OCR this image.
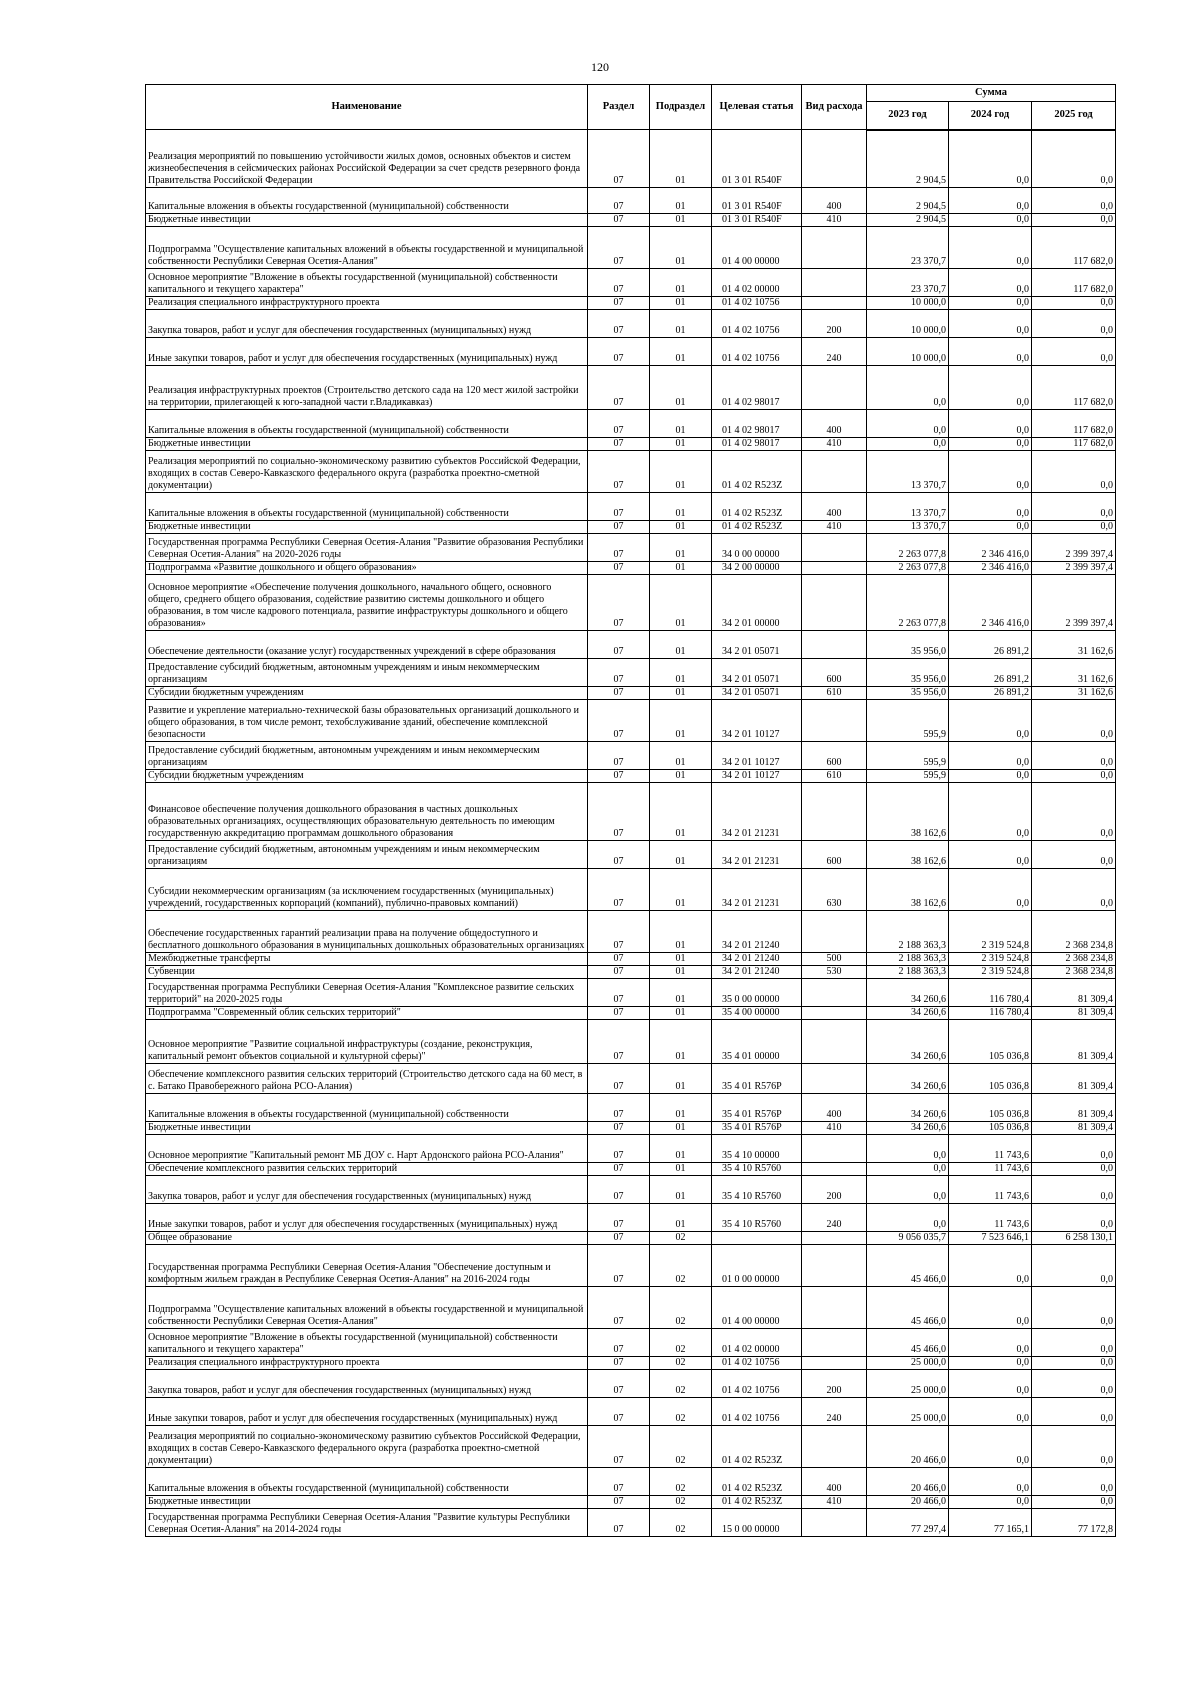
120
Наименование	Раздел	Подраздел	Целевая статья	Вид расхода	Сумма		
					2023 год	2024 год	2025 год
Реализация мероприятий по повышению устойчивости жилых домов, основных объектов и систем жизнеобеспечения в сейсмических районах Российской Федерации за счет средств резервного фонда Правительства Российской Федерации	07	01	01 3 01 R540F		2 904,5	0,0	0,0
Капитальные вложения в объекты государственной (муниципальной) собственности	07	01	01 3 01 R540F	400	2 904,5	0,0	0,0
Бюджетные инвестиции	07	01	01 3 01 R540F	410	2 904,5	0,0	0,0
Подпрограмма "Осуществление капитальных вложений в объекты государственной и муниципальной собственности Республики Северная Осетия-Алания"	07	01	01 4 00 00000		23 370,7	0,0	117 682,0
Основное мероприятие "Вложение в объекты государственной (муниципальной) собственности капитального и текущего характера"	07	01	01 4 02 00000		23 370,7	0,0	117 682,0
Реализация специального инфраструктурного проекта	07	01	01 4 02 10756		10 000,0	0,0	0,0
Закупка товаров, работ и услуг для обеспечения государственных (муниципальных) нужд	07	01	01 4 02 10756	200	10 000,0	0,0	0,0
Иные закупки товаров, работ и услуг для обеспечения государственных (муниципальных) нужд	07	01	01 4 02 10756	240	10 000,0	0,0	0,0
Реализация инфраструктурных проектов (Строительство детского сада на 120 мест жилой застройки на территории, прилегающей к юго-западной части г.Владикавказ)	07	01	01 4 02 98017		0,0	0,0	117 682,0
Капитальные вложения в объекты государственной (муниципальной) собственности	07	01	01 4 02 98017	400	0,0	0,0	117 682,0
Бюджетные инвестиции	07	01	01 4 02 98017	410	0,0	0,0	117 682,0
Реализация мероприятий по социально-экономическому развитию субъектов Российской Федерации, входящих в состав Северо-Кавказского федерального округа (разработка проектно-сметной документации)	07	01	01 4 02 R523Z		13 370,7	0,0	0,0
Капитальные вложения в объекты государственной (муниципальной) собственности	07	01	01 4 02 R523Z	400	13 370,7	0,0	0,0
Бюджетные инвестиции	07	01	01 4 02 R523Z	410	13 370,7	0,0	0,0
Государственная программа Республики Северная Осетия-Алания "Развитие образования Республики Северная Осетия-Алания" на 2020-2026 годы	07	01	34 0 00 00000		2 263 077,8	2 346 416,0	2 399 397,4
Подпрограмма «Развитие дошкольного и общего образования»	07	01	34 2 00 00000		2 263 077,8	2 346 416,0	2 399 397,4
Основное мероприятие «Обеспечение получения дошкольного, начального общего, основного общего, среднего общего образования, содействие развитию системы дошкольного и общего образования, в том числе кадрового потенциала, развитие инфраструктуры дошкольного и общего образования»	07	01	34 2 01 00000		2 263 077,8	2 346 416,0	2 399 397,4
Обеспечение деятельности (оказание услуг) государственных учреждений в сфере образования	07	01	34 2 01 05071		35 956,0	26 891,2	31 162,6
Предоставление субсидий бюджетным, автономным учреждениям и иным некоммерческим организациям	07	01	34 2 01 05071	600	35 956,0	26 891,2	31 162,6
Субсидии бюджетным учреждениям	07	01	34 2 01 05071	610	35 956,0	26 891,2	31 162,6
Развитие и укрепление материально-технической базы образовательных организаций дошкольного и общего образования, в том числе ремонт, техобслуживание зданий, обеспечение комплексной безопасности	07	01	34 2 01 10127		595,9	0,0	0,0
Предоставление субсидий бюджетным, автономным учреждениям и иным некоммерческим организациям	07	01	34 2 01 10127	600	595,9	0,0	0,0
Субсидии бюджетным учреждениям	07	01	34 2 01 10127	610	595,9	0,0	0,0
Финансовое обеспечение получения дошкольного образования в частных дошкольных образовательных организациях, осуществляющих образовательную деятельность по имеющим государственную аккредитацию программам дошкольного образования	07	01	34 2 01 21231		38 162,6	0,0	0,0
Предоставление субсидий бюджетным, автономным учреждениям и иным некоммерческим организациям	07	01	34 2 01 21231	600	38 162,6	0,0	0,0
Субсидии некоммерческим организациям (за исключением государственных (муниципальных) учреждений, государственных корпораций (компаний), публично-правовых компаний)	07	01	34 2 01 21231	630	38 162,6	0,0	0,0
Обеспечение государственных гарантий реализации права на получение общедоступного и бесплатного дошкольного образования в муниципальных дошкольных образовательных организациях	07	01	34 2 01 21240		2 188 363,3	2 319 524,8	2 368 234,8
Межбюджетные трансферты	07	01	34 2 01 21240	500	2 188 363,3	2 319 524,8	2 368 234,8
Субвенции	07	01	34 2 01 21240	530	2 188 363,3	2 319 524,8	2 368 234,8
Государственная программа Республики Северная Осетия-Алания "Комплексное развитие сельских территорий" на 2020-2025 годы	07	01	35 0 00 00000		34 260,6	116 780,4	81 309,4
Подпрограмма "Современный облик сельских территорий"	07	01	35 4 00 00000		34 260,6	116 780,4	81 309,4
Основное мероприятие "Развитие социальной инфраструктуры (создание, реконструкция, капитальный ремонт объектов социальной и культурной сферы)"	07	01	35 4 01 00000		34 260,6	105 036,8	81 309,4
Обеспечение комплексного развития сельских территорий (Строительство детского сада на 60 мест, в с. Батако Правобережного района РСО-Алания)	07	01	35 4 01 R576P		34 260,6	105 036,8	81 309,4
Капитальные вложения в объекты государственной (муниципальной) собственности	07	01	35 4 01 R576P	400	34 260,6	105 036,8	81 309,4
Бюджетные инвестиции	07	01	35 4 01 R576P	410	34 260,6	105 036,8	81 309,4
Основное мероприятие "Капитальный ремонт МБ ДОУ с. Нарт Ардонского района РСО-Алания"	07	01	35 4 10 00000		0,0	11 743,6	0,0
Обеспечение комплексного развития сельских территорий	07	01	35 4 10 R5760		0,0	11 743,6	0,0
Закупка товаров, работ и услуг для обеспечения государственных (муниципальных) нужд	07	01	35 4 10 R5760	200	0,0	11 743,6	0,0
Иные закупки товаров, работ и услуг для обеспечения государственных (муниципальных) нужд	07	01	35 4 10 R5760	240	0,0	11 743,6	0,0
Общее образование	07	02			9 056 035,7	7 523 646,1	6 258 130,1
Государственная программа Республики Северная Осетия-Алания "Обеспечение доступным и комфортным жильем граждан в Республике Северная Осетия-Алания" на 2016-2024 годы	07	02	01 0 00 00000		45 466,0	0,0	0,0
Подпрограмма "Осуществление капитальных вложений в объекты государственной и муниципальной собственности Республики Северная Осетия-Алания"	07	02	01 4 00 00000		45 466,0	0,0	0,0
Основное мероприятие "Вложение в объекты государственной (муниципальной) собственности капитального и текущего характера"	07	02	01 4 02 00000		45 466,0	0,0	0,0
Реализация специального инфраструктурного проекта	07	02	01 4 02 10756		25 000,0	0,0	0,0
Закупка товаров, работ и услуг для обеспечения государственных (муниципальных) нужд	07	02	01 4 02 10756	200	25 000,0	0,0	0,0
Иные закупки товаров, работ и услуг для обеспечения государственных (муниципальных) нужд	07	02	01 4 02 10756	240	25 000,0	0,0	0,0
Реализация мероприятий по социально-экономическому развитию субъектов Российской Федерации, входящих в состав Северо-Кавказского федерального округа (разработка проектно-сметной документации)	07	02	01 4 02 R523Z		20 466,0	0,0	0,0
Капитальные вложения в объекты государственной (муниципальной) собственности	07	02	01 4 02 R523Z	400	20 466,0	0,0	0,0
Бюджетные инвестиции	07	02	01 4 02 R523Z	410	20 466,0	0,0	0,0
Государственная программа Республики Северная Осетия-Алания "Развитие культуры Республики Северная Осетия-Алания" на 2014-2024 годы	07	02	15 0 00 00000		77 297,4	77 165,1	77 172,8
